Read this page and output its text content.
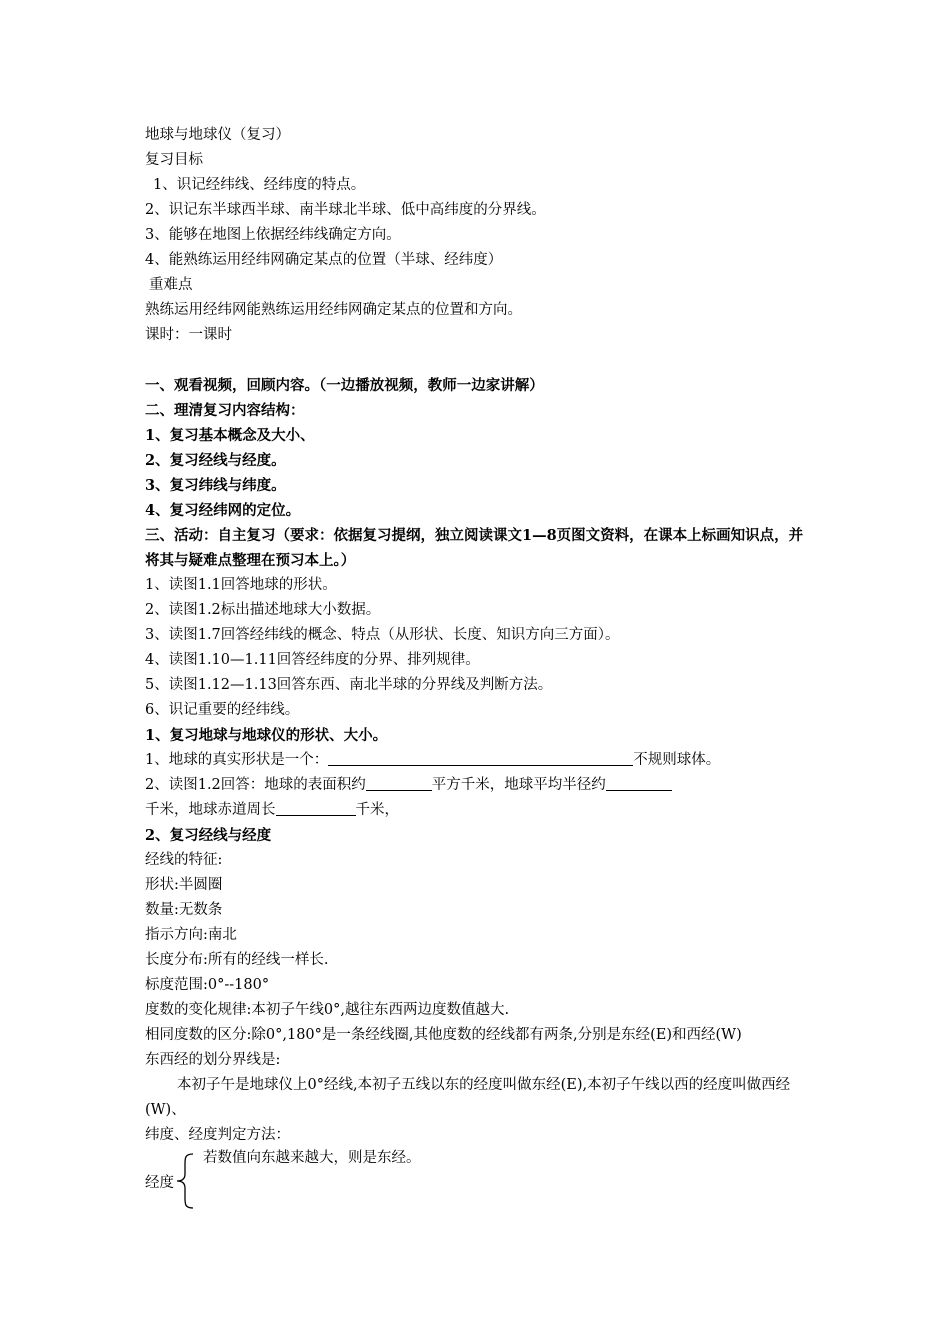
地球与地球仪（复习）
复习目标
1、识记经纬线、经纬度的特点。
2、识记东半球西半球、南半球北半球、低中高纬度的分界线。
3、能够在地图上依据经纬线确定方向。
4、能熟练运用经纬网确定某点的位置（半球、经纬度）
重难点
熟练运用经纬网能熟练运用经纬网确定某点的位置和方向。
课时：一课时
一、观看视频，回顾内容。（一边播放视频，教师一边家讲解）
二、理清复习内容结构：
1、复习基本概念及大小、
2、复习经线与经度。
3、复习纬线与纬度。
4、复习经纬网的定位。
三、活动：自主复习（要求：依据复习提纲，独立阅读课文1—8页图文资料，在课本上标画知识点，并将其与疑难点整理在预习本上。）
1、读图1.1回答地球的形状。
2、读图1.2标出描述地球大小数据。
3、读图1.7回答经纬线的概念、特点（从形状、长度、知识方向三方面）。
4、读图1.10—1.11回答经纬度的分界、排列规律。
5、读图1.12—1.13回答东西、南北半球的分界线及判断方法。
6、识记重要的经纬线。
1、复习地球与地球仪的形状、大小。
1、地球的真实形状是一个：	不规则球体。
2、读图1.2回答：地球的表面积约	平方千米，地球平均半径约
千米，地球赤道周长	千米，
2、复习经线与经度
经线的特征:
形状:半圆圈
数量:无数条
指示方向:南北
长度分布:所有的经线一样长.
标度范围:0°--180°
度数的变化规律:本初子午线0°,越往东西两边度数值越大.
相同度数的区分:除0°,180°是一条经线圈,其他度数的经线都有两条,分别是东经(E)和西经(W)
东西经的划分界线是:
本初子午是地球仪上0°经线,本初子五线以东的经度叫做东经(E),本初子午线以西的经度叫做西经(W)、
纬度、经度判定方法：
经度
若数值向东越来越大，则是东经。
